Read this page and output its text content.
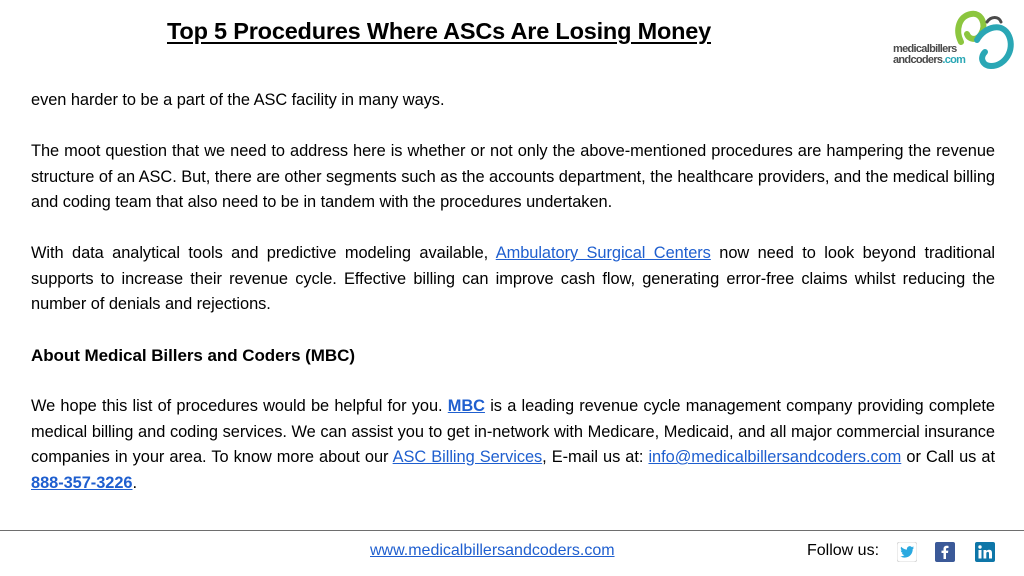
Top 5 Procedures Where ASCs Are Losing Money
medicalbillers
andcoders.com

even harder to be a part of the ASC facility in many ways.

The moot question that we need to address here is whether or not only the above-mentioned procedures are hampering the revenue structure of an ASC. But, there are other segments such as the accounts department, the healthcare providers, and the medical billing and coding team that also need to be in tandem with the procedures undertaken.

With data analytical tools and predictive modeling available, Ambulatory Surgical Centers now need to look beyond traditional supports to increase their revenue cycle. Effective billing can improve cash flow, generating error-free claims whilst reducing the number of denials and rejections.

About Medical Billers and Coders (MBC)

We hope this list of procedures would be helpful for you. MBC is a leading revenue cycle management company providing complete medical billing and coding services. We can assist you to get in-network with Medicare, Medicaid, and all major commercial insurance companies in your area. To know more about our ASC Billing Services, E-mail us at: info@medicalbillersandcoders.com or Call us at 888-357-3226.

www.medicalbillersandcoders.com	Follow us:
